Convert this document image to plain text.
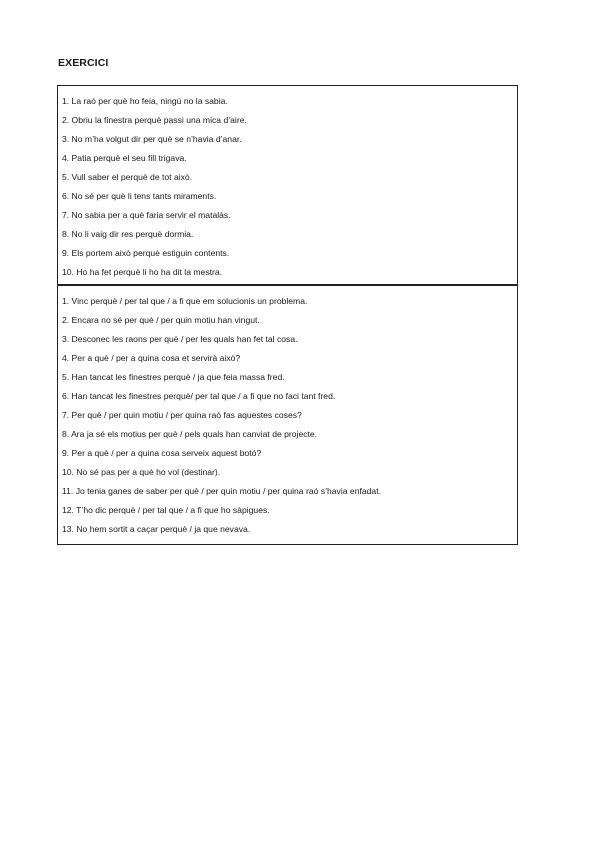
EXERCICI
1. La raó per què ho feia, ningú no la sabia.
2. Obriu la finestra perquè passi una mica d’aire.
3. No m’ha volgut dir per què se n’havia d’anar.
4. Patia perquè el seu fill trigava.
5. Vull saber el perquè de tot això.
6. No sé per què li tens tants miraments.
7. No sabia per a què faria servir el matalàs.
8. No li vaig dir res perquè dormia.
9. Els portem això perquè estiguin contents.
10. Ho ha fet perquè li ho ha dit la mestra.
1. Vinc perquè / per tal que / a fi que em solucionis un problema.
2. Encara no sé per què / per quin motiu han vingut.
3. Desconec les raons per què / per les quals han fet tal cosa.
4. Per a què / per a quina cosa et servirà això?
5. Han tancat les finestres perquè / ja que feia massa fred.
6. Han tancat les finestres perquè/ per tal que / a fi que no faci tant fred.
7. Per què / per quin motiu / per quina raó fas aquestes coses?
8. Ara ja sé els motius per què / pels quals han canviat de projecte.
9. Per a què / per a quina cosa serveix aquest botó?
10. No sé pas per a què ho vol (destinar).
11. Jo tenia ganes de saber per què / per quin motiu / per quina raó s’havia enfadat.
12. T’ho dic perquè / per tal que / a fi que ho sàpigues.
13. No hem sortit a caçar perquè / ja que nevava.
